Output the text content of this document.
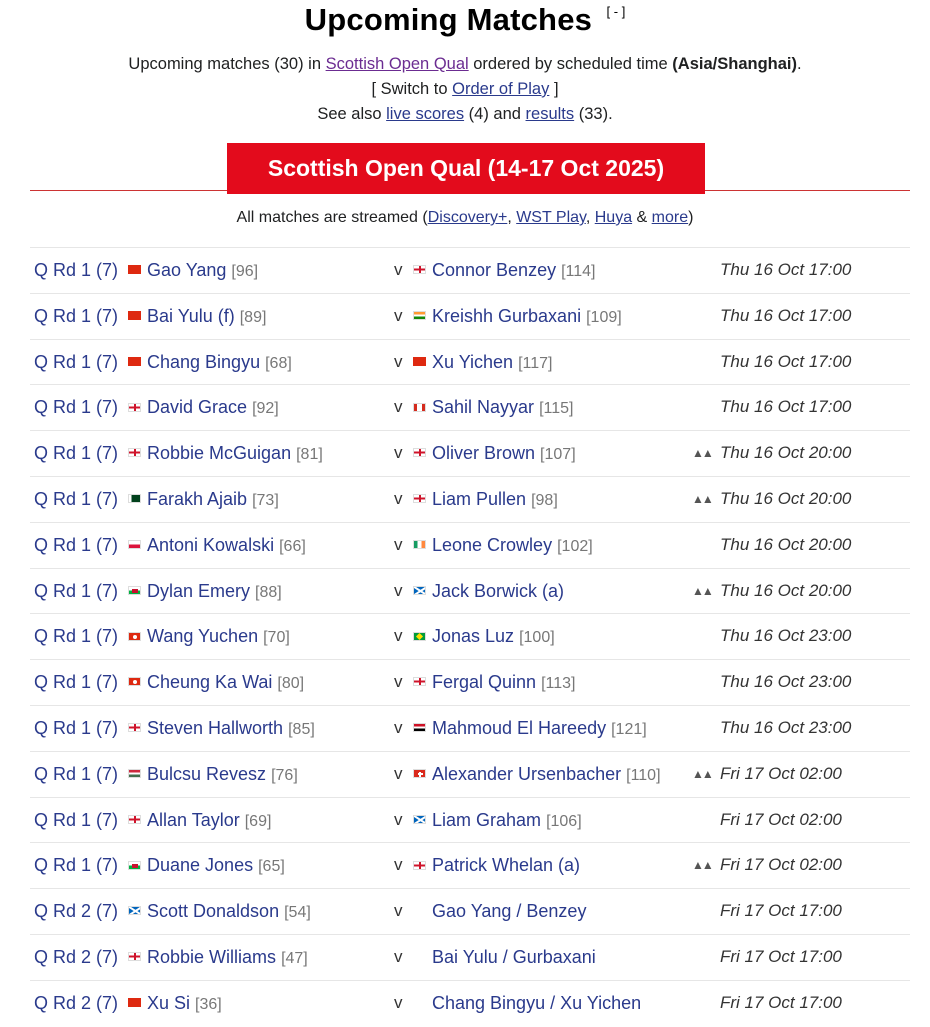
Upcoming Matches [ - ]
Upcoming matches (30) in Scottish Open Qual ordered by scheduled time (Asia/Shanghai).
[ Switch to Order of Play ]
See also live scores (4) and results (33).
Scottish Open Qual (14-17 Oct 2025)
All matches are streamed (Discovery+, WST Play, Huya & more)
Q Rd 1 (7) Gao Yang [96]	v Connor Benzey [114]	Thu 16 Oct 17:00
Q Rd 1 (7) Bai Yulu (f) [89]	v Kreishh Gurbaxani [109]	Thu 16 Oct 17:00
Q Rd 1 (7) Chang Bingyu [68]	v Xu Yichen [117]	Thu 16 Oct 17:00
Q Rd 1 (7) David Grace [92]	v Sahil Nayyar [115]	Thu 16 Oct 17:00
Q Rd 1 (7) Robbie McGuigan [81]	v Oliver Brown [107]	▲▲ Thu 16 Oct 20:00
Q Rd 1 (7) Farakh Ajaib [73]	v Liam Pullen [98]	▲▲ Thu 16 Oct 20:00
Q Rd 1 (7) Antoni Kowalski [66]	v Leone Crowley [102]	Thu 16 Oct 20:00
Q Rd 1 (7) Dylan Emery [88]	v Jack Borwick (a)	▲▲ Thu 16 Oct 20:00
Q Rd 1 (7) Wang Yuchen [70]	v Jonas Luz [100]	Thu 16 Oct 23:00
Q Rd 1 (7) Cheung Ka Wai [80]	v Fergal Quinn [113]	Thu 16 Oct 23:00
Q Rd 1 (7) Steven Hallworth [85]	v Mahmoud El Hareedy [121]	Thu 16 Oct 23:00
Q Rd 1 (7) Bulcsu Revesz [76]	v Alexander Ursenbacher [110]	▲▲ Fri 17 Oct 02:00
Q Rd 1 (7) Allan Taylor [69]	v Liam Graham [106]	Fri 17 Oct 02:00
Q Rd 1 (7) Duane Jones [65]	v Patrick Whelan (a)	▲▲ Fri 17 Oct 02:00
Q Rd 2 (7) Scott Donaldson [54]	v Gao Yang / Benzey	Fri 17 Oct 17:00
Q Rd 2 (7) Robbie Williams [47]	v Bai Yulu / Gurbaxani	Fri 17 Oct 17:00
Q Rd 2 (7) Xu Si [36]	v Chang Bingyu / Xu Yichen	Fri 17 Oct 17:00
